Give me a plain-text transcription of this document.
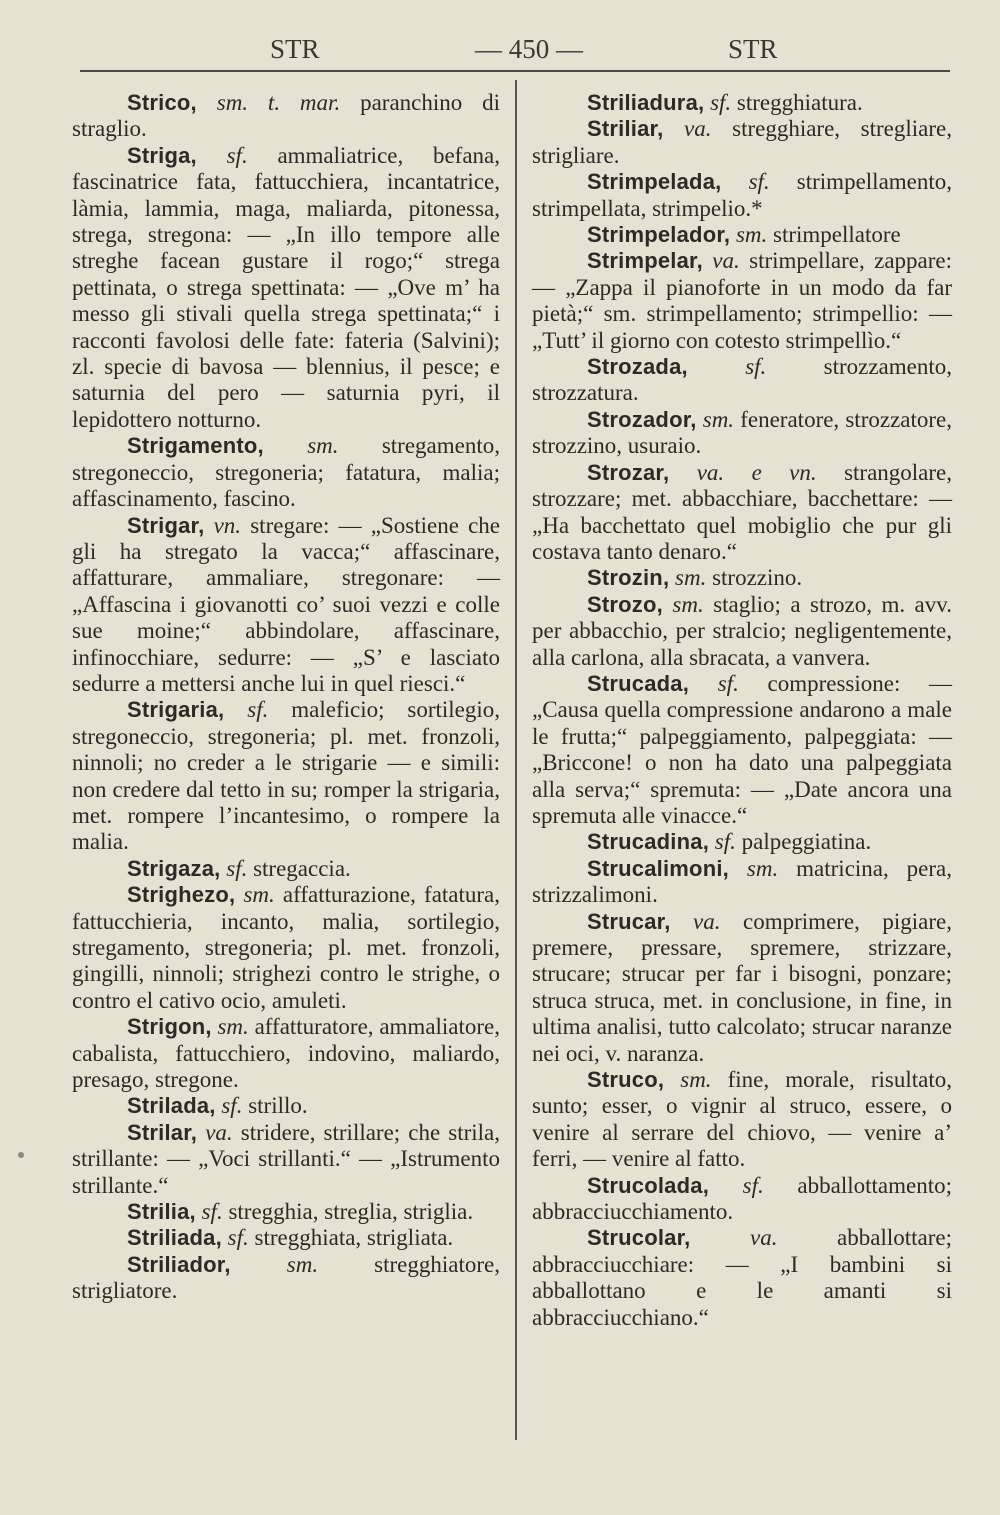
STR	— 450 —	STR

Strico, sm. t. mar. paranchino di straglio.

Striga, sf. ammaliatrice, befana, fascinatrice fata, fattucchiera, incantatrice, làmia, lammia, maga, maliarda, pitonessa, strega, stregona: — „In illo tempore alle streghe facean gustare il rogo;“ strega pettinata, o strega spettinata: — „Ove m’ ha messo gli stivali quella strega spettinata;“ i racconti favolosi delle fate: fateria (Salvini); zl. specie di bavosa — blennius, il pesce; e saturnia del pero — saturnia pyri, il lepidottero notturno.

Strigamento, sm. stregamento, stregoneccio, stregoneria; fatatura, malia; affascinamento, fascino.

Strigar, vn. stregare: — „Sostiene che gli ha stregato la vacca;“ affascinare, affatturare, ammaliare, stregonare: — „Affascina i giovanotti co’ suoi vezzi e colle sue moine;“ abbindolare, affascinare, infinocchiare, sedurre: — „S’ e lasciato sedurre a mettersi anche lui in quel riesci.“

Strigaria, sf. maleficio; sortilegio, stregoneccio, stregoneria; pl. met. fronzoli, ninnoli; no creder a le strigarie — e simili: non credere dal tetto in su; romper la strigaria, met. rompere l’incantesimo, o rompere la malia.

Strigaza, sf. stregaccia.

Strighezo, sm. affatturazione, fatatura, fattucchieria, incanto, malia, sortilegio, stregamento, stregoneria; pl. met. fronzoli, gingilli, ninnoli; strighezi contro le strighe, o contro el cativo ocio, amuleti.

Strigon, sm. affatturatore, ammaliatore, cabalista, fattucchiero, indovino, maliardo, presago, stregone.

Strilada, sf. strillo.

Strilar, va. stridere, strillare; che strila, strillante: — „Voci strillanti.“ — „Istrumento strillante.“

Strilia, sf. stregghia, streglia, striglia.

Striliada, sf. stregghiata, strigliata.

Striliador, sm. stregghiatore, strigliatore.

Striliadura, sf. stregghiatura.

Striliar, va. stregghiare, stregliare, strigliare.

Strimpelada, sf. strimpellamento, strimpellata, strimpelio.*

Strimpelador, sm. strimpellatore

Strimpelar, va. strimpellare, zappare: — „Zappa il pianoforte in un modo da far pietà;“ sm. strimpellamento; strimpellio: — „Tutt’ il giorno con cotesto strimpellìo.“

Strozada, sf. strozzamento, strozzatura.

Strozador, sm. feneratore, strozzatore, strozzino, usuraio.

Strozar, va. e vn. strangolare, strozzare; met. abbacchiare, bacchettare: — „Ha bacchettato quel mobiglio che pur gli costava tanto denaro.“

Strozin, sm. strozzino.

Strozo, sm. staglio; a strozo, m. avv. per abbacchio, per stralcio; negligentemente, alla carlona, alla sbracata, a vanvera.

Strucada, sf. compressione: — „Causa quella compressione andarono a male le frutta;“ palpeggiamento, palpeggiata: — „Briccone! o non ha dato una palpeggiata alla serva;“ spremuta: — „Date ancora una spremuta alle vinacce.“

Strucadina, sf. palpeggiatina.

Strucalimoni, sm. matricina, pera, strizzalimoni.

Strucar, va. comprimere, pigiare, premere, pressare, spremere, strizzare, strucare; strucar per far i bisogni, ponzare; struca struca, met. in conclusione, in fine, in ultima analisi, tutto calcolato; strucar naranze nei oci, v. naranza.

Struco, sm. fine, morale, risultato, sunto; esser, o vignir al struco, essere, o venire al serrare del chiovo, — venire a’ ferri, — venire al fatto.

Strucolada, sf. abballottamento; abbracciucchiamento.

Strucolar,	va.	abballottare; abbracciucchiare: — „I bambini si abballottano e le amanti si abbracciucchiano.“
